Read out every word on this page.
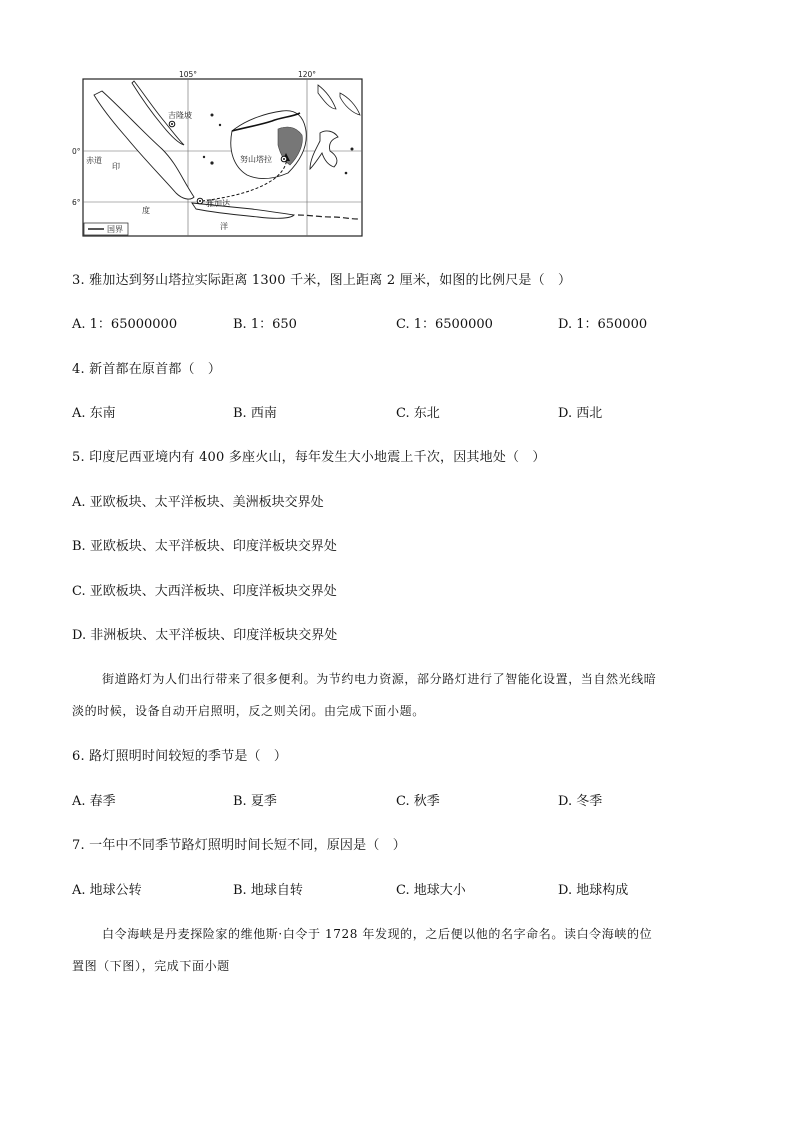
105°	120°
0°
6°
赤道
吉隆坡
努山塔拉
雅加达
印
度
洋
国界
3. 雅加达到努山塔拉实际距离 1300 千米，图上距离 2 厘米，如图的比例尺是（　）
A. 1：65000000	B. 1：650	C. 1：6500000	D. 1：650000
4. 新首都在原首都（　）
A. 东南	B. 西南	C. 东北	D. 西北
5. 印度尼西亚境内有 400 多座火山，每年发生大小地震上千次，因其地处（　）
A. 亚欧板块、太平洋板块、美洲板块交界处
B. 亚欧板块、太平洋板块、印度洋板块交界处
C. 亚欧板块、大西洋板块、印度洋板块交界处
D. 非洲板块、太平洋板块、印度洋板块交界处
街道路灯为人们出行带来了很多便利。为节约电力资源，部分路灯进行了智能化设置，当自然光线暗
淡的时候，设备自动开启照明，反之则关闭。由完成下面小题。
6. 路灯照明时间较短的季节是（　）
A. 春季	B. 夏季	C. 秋季	D. 冬季
7. 一年中不同季节路灯照明时间长短不同，原因是（　）
A. 地球公转	B. 地球自转	C. 地球大小	D. 地球构成
白令海峡是丹麦探险家的维他斯·白令于 1728 年发现的，之后便以他的名字命名。读白令海峡的位
置图（下图），完成下面小题
